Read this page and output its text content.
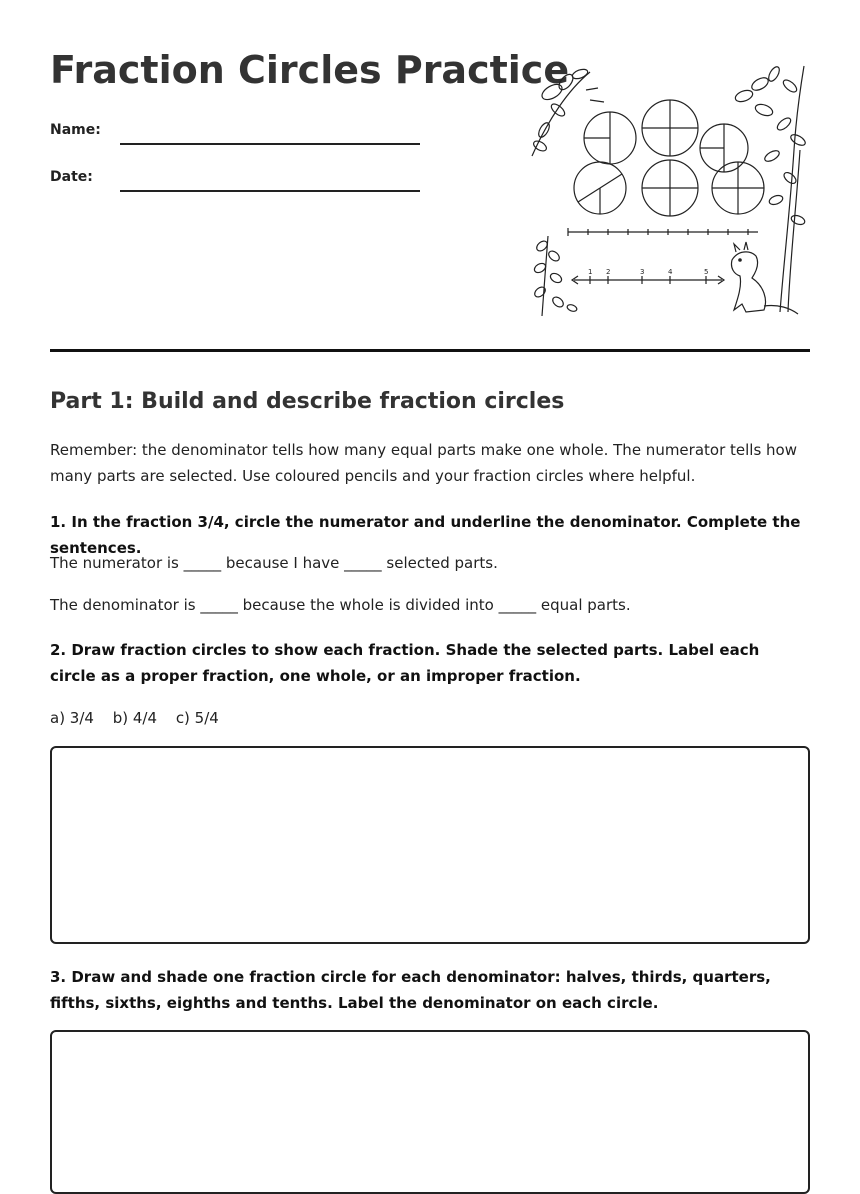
Fraction Circles Practice
Name:
Date:
1 2	3	4	5
Part 1: Build and describe fraction circles

Remember: the denominator tells how many equal parts make one whole. The numerator tells how many parts are selected. Use coloured pencils and your fraction circles where helpful.

1. In the fraction 3/4, circle the numerator and underline the denominator. Complete the sentences.

The numerator is _____ because I have _____ selected parts.

The denominator is _____ because the whole is divided into _____ equal parts.

2. Draw fraction circles to show each fraction. Shade the selected parts. Label each circle as a proper fraction, one whole, or an improper fraction.

a) 3/4 b) 4/4 c) 5/4

3. Draw and shade one fraction circle for each denominator: halves, thirds, quarters, fifths, sixths, eighths and tenths. Label the denominator on each circle.
